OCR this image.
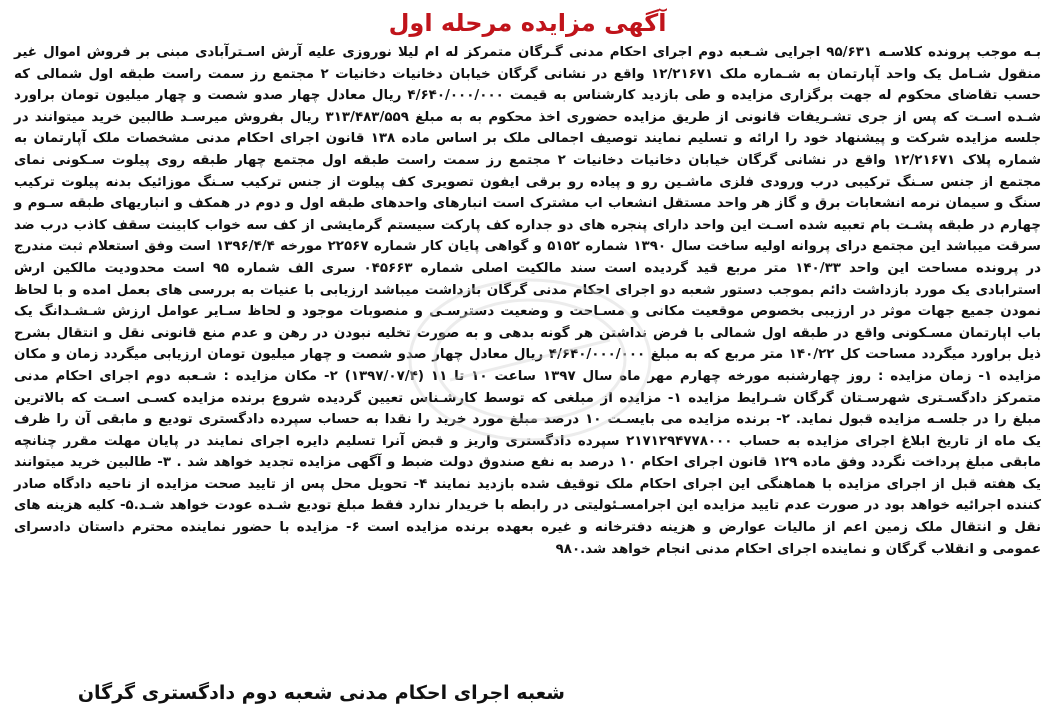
آگهی مزایده مرحله اول

بـه موجب پرونده کلاسـه ۹۵/۶۳۱ اجرایی شـعبه دوم اجرای احکام مدنی گـرگان متمرکز له ام لیلا نوروزی علیه آرش اسـترآبادی مبنی بر فروش اموال غیر منقول شـامل یک واحد آپارتمان به شـماره ملک ۱۲/۲۱۶۷۱ واقع در نشانی گرگان خیابان دخانیات دخانیات ۲ مجتمع رز سمت راست طبقه اول شمالی که حسب تقاضای محکوم له جهت برگزاری مزایده و طی بازدید کارشناس به قیمت ۴/۶۴۰/۰۰۰/۰۰۰ ریال معادل چهار صدو شصت و چهار میلیون تومان براورد شـده اسـت که پس از جری تشـریفات قانونی از طریق مزایده حضوری اخذ محکوم به به مبلغ ۳۱۳/۴۸۳/۵۵۹ ریال بفروش میرسـد طالبین خرید میتوانند در جلسه مزایده شرکت و پیشنهاد خود را ارائه و تسلیم نمایند توصیف اجمالی ملک بر اساس ماده ۱۳۸ قانون اجرای احکام مدنی مشخصات ملک آپارتمان به شماره پلاک ۱۲/۲۱۶۷۱ واقع در نشانی گرگان خیابان دخانیات دخانیات ۲ مجتمع رز سمت راست طبقه اول مجتمع چهار طبقه روی پیلوت سـکونی نمای مجتمع از جنس سـنگ ترکیبی درب ورودی فلزی ماشـین رو و پیاده رو برقی ایفون تصویری کف پیلوت از جنس ترکیب سـنگ موزائیک بدنه پیلوت ترکیب سنگ و سیمان نرمه انشعابات برق و گاز هر واحد مستقل انشعاب اب مشترک است انبارهای واحدهای طبقه اول و دوم در همکف و انباریهای طبقه سـوم و چهارم در طبقه پشـت بام تعبیه شده اسـت این واحد دارای پنجره های دو جداره کف پارکت سیستم گرمایشی از کف سه خواب کابینت سقف کاذب درب ضد سرقت میباشد این مجتمع درای پروانه اولیه ساخت سال ۱۳۹۰ شماره ۵۱۵۲ و گواهی پایان کار شماره ۲۲۵۶۷ مورخه ۱۳۹۶/۴/۴ است وفق استعلام ثبت مندرج در پرونده مساحت این واحد ۱۴۰/۳۳ متر مربع قید گردیده است سند مالکیت اصلی شماره ۰۴۵۶۶۳ سری الف شماره ۹۵ است محدودیت مالکین ارش استرابادی یک مورد بازداشت دائم بموجب دستور شعبه دو اجرای احکام مدنی گرگان بازداشت میباشد ارزیابی با عنیات به بررسی های بعمل امده و با لحاظ نمودن جمیع جهات موثر در ارزیبی بخصوص موقعیت مکانی و مسـاحت و وضعیت دسترسـی و منصوبات موجود و لحاظ سـایر عوامل ارزش شـشـدانگ یک باب اپارتمان مسـکونی واقع در طبقه اول شمالی با فرض نداشتن هر گونه بدهی و به صورت تخلیه نبودن در رهن و عدم منع قانونی نقل و انتقال بشرح ذیل براورد میگردد مساحت کل ۱۴۰/۲۲ متر مربع که به مبلغ ۴/۶۴۰/۰۰۰/۰۰۰ ریال معادل چهار صدو شصت و چهار میلیون تومان ارزیابی میگردد زمان و مکان مزایده ۱- زمان مزایده : روز چهارشنبه مورخه چهارم مهر ماه سال ۱۳۹۷ ساعت ۱۰ تا ۱۱ (۱۳۹۷/۰۷/۴) ۲- مکان مزایده : شـعبه دوم اجرای احکام مدنی متمرکز دادگسـتری شهرسـتان گرگان شـرایط مزایده ۱- مزایده از مبلغی که توسط کارشـناس تعیین گردیده شروع برنده مزایده کسـی اسـت که بالاترین مبلغ را در جلسـه مزایده قبول نماید. ۲- برنده مزایده می بایسـت ۱۰ درصد مبلغ مورد خرید را نقدا به حساب سپرده دادگستری تودیع و مابقی آن را ظرف یک ماه از تاریخ ابلاغ اجرای مزایده به حساب ۲۱۷۱۲۹۴۷۷۸۰۰۰ سپرده دادگستری واریز و قبض آنرا تسلیم دایره اجرای نمایند در پایان مهلت مقرر چنانچه مابقی مبلغ پرداخت نگردد وفق ماده ۱۲۹ قانون اجرای احکام ۱۰ درصد به نفع صندوق دولت ضبط و آگهی مزایده تجدید خواهد شد . ۳- طالبین خرید میتوانند یک هفته قبل از اجرای مزایده با هماهنگی این اجرای احکام ملک توقیف شده بازدید نمایند ۴- تحویل محل پس از تایید صحت مزایده از ناحیه دادگاه صادر کننده اجرائیه خواهد بود در صورت عدم تایید مزایده این اجرامسـئولیتی در رابطه با خریدار ندارد فقط مبلغ تودیع شـده عودت خواهد شـد.۵- کلیه هزینه های نقل و انتقال ملک زمین اعم از مالیات عوارض و هزینه دفترخانه و غیره بعهده برنده مزایده است ۶- مزایده با حضور نماینده محترم داستان دادسرای عمومی و انقلاب گرگان و نماینده اجرای احکام مدنی انجام خواهد شد.۹۸۰

شعبه اجرای احکام مدنی شعبه دوم دادگستری گرگان
